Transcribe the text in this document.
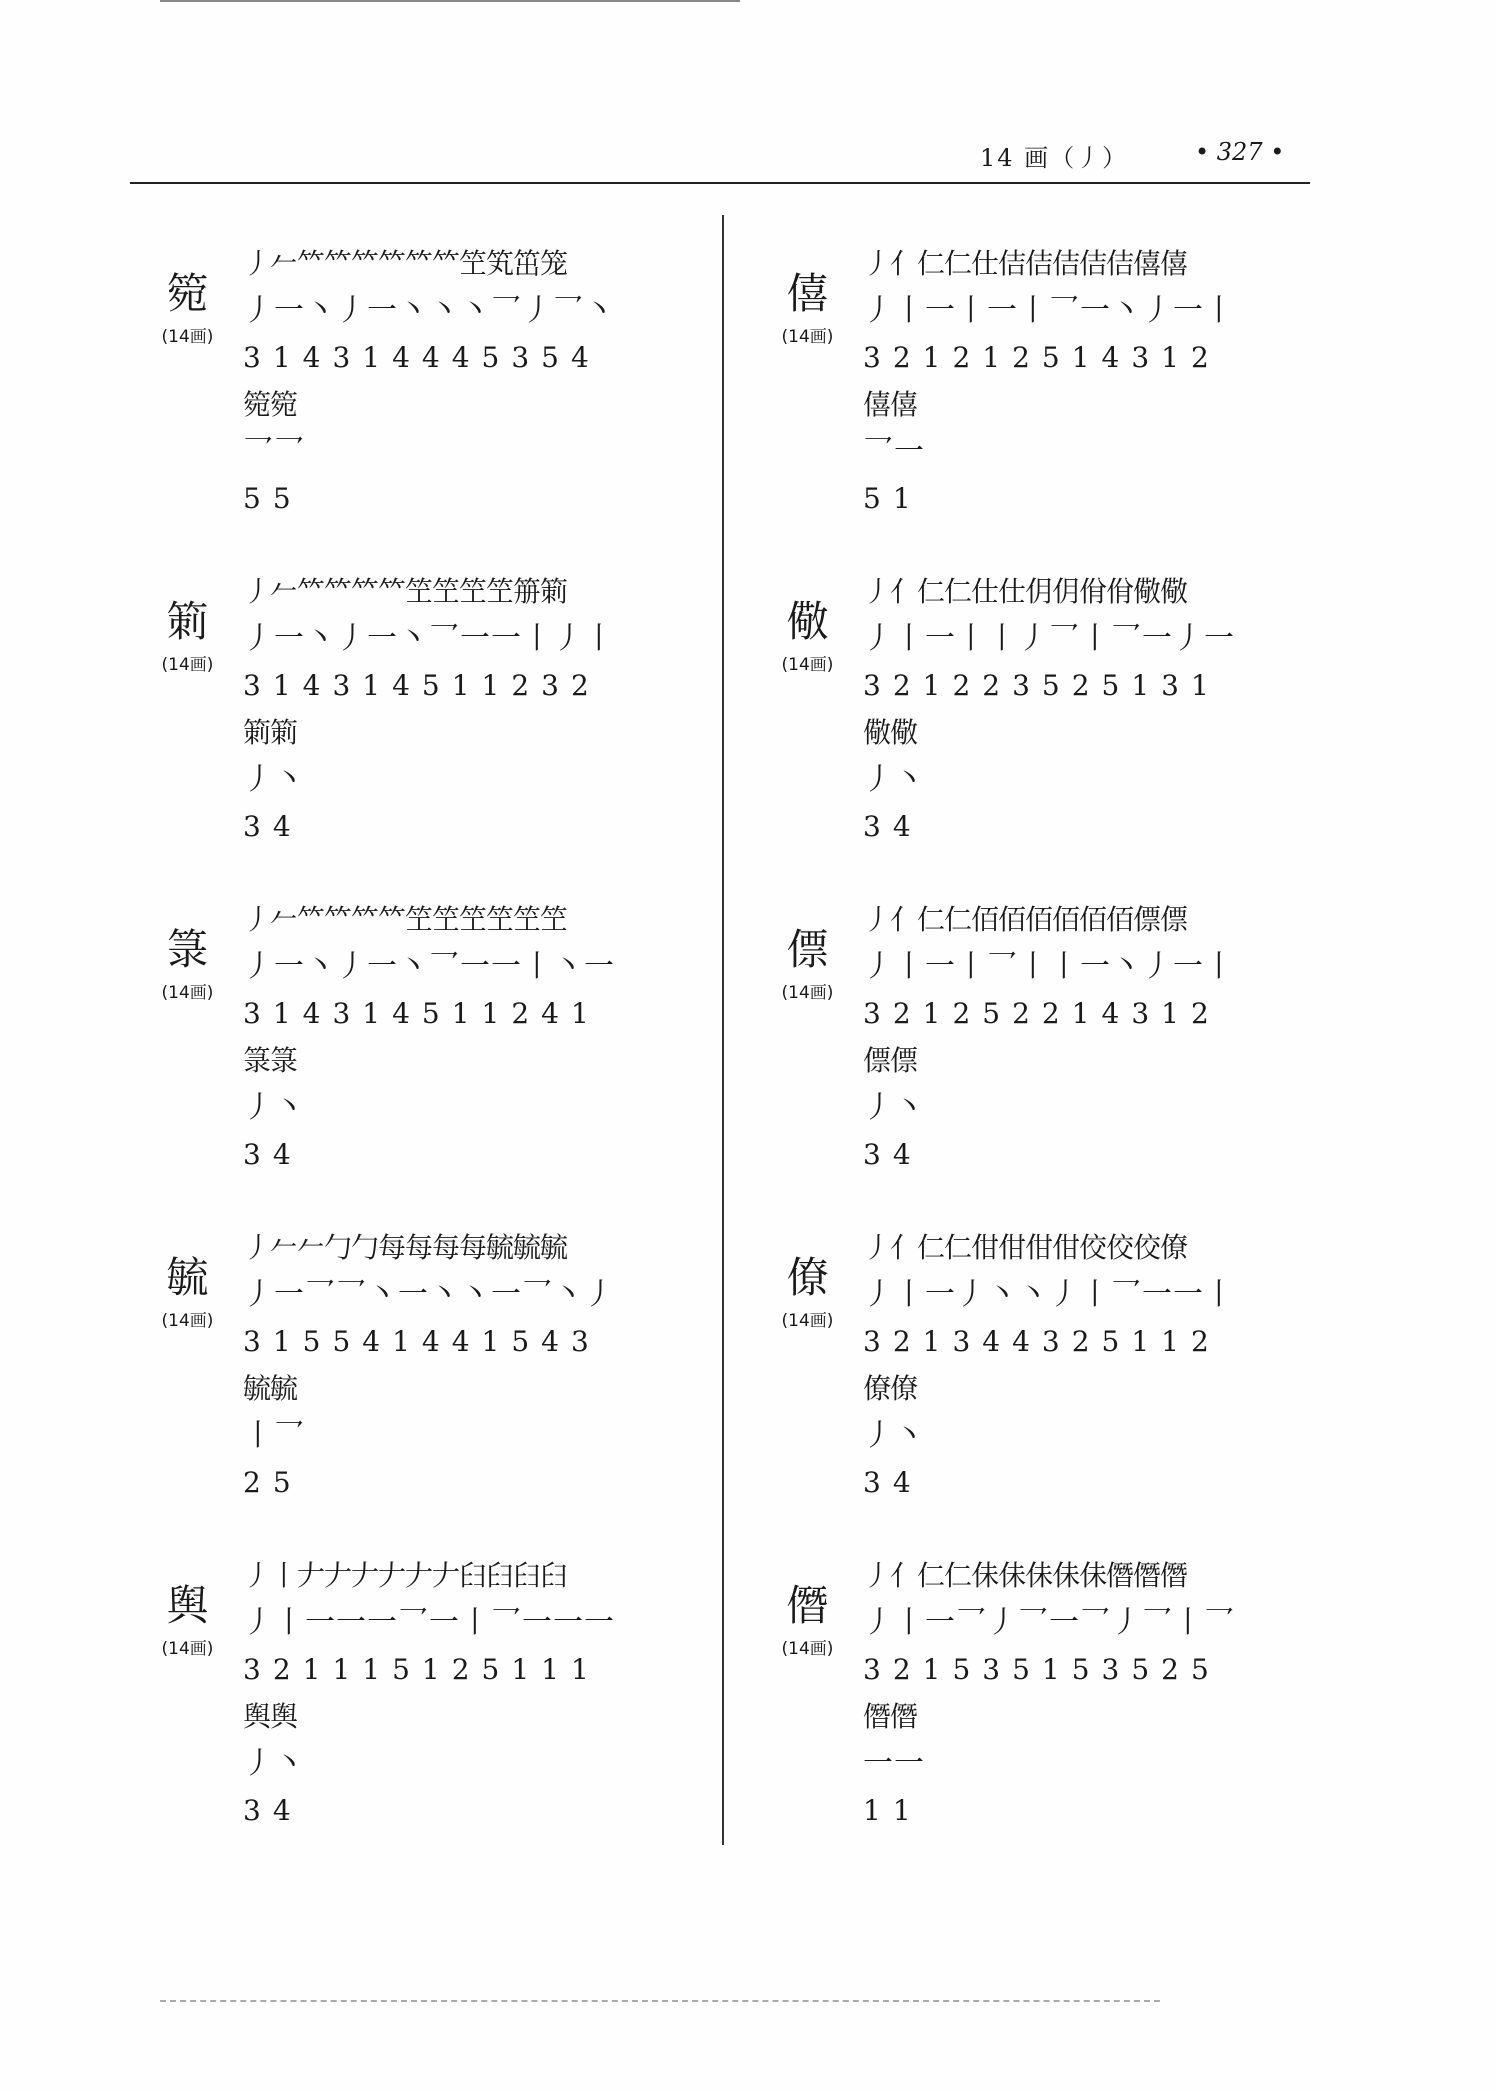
14 画（丿）	• 327 •
箢
(14画)
丿𠂉𥫗𥫗𥫗𥫗𥫗𥫗笁笂笜笼
丿一丶丿一丶丶丶乛丿乛丶
314314445354
箢箢
乛乛
55
箣
(14画)
丿𠂉𥫗𥫗𥫗𥫗笁笁笁笁笧箣
丿一丶丿一丶乛一一丨丿丨
314314511232
箣箣
丿丶
34
箓
(14画)
丿𠂉𥫗𥫗𥫗𥫗笁笁笁笁笁笁
丿一丶丿一丶乛一一丨丶一
314314511241
箓箓
丿丶
34
毓
(14画)
丿𠂉𠂉勹勹每每每每毓毓毓
丿一乛乛丶一丶丶一乛丶丿
315541441543
毓毓
丨乛
25
舆
(14画)
丿丨𠂇𠂇𠂇𠂇𠂇𠂇𦥑𦥑𦥑𦥑
丿丨一一一乛一丨乛一一一
321115125111
舆舆
丿丶
34
僖
(14画)
丿亻仁仁仕佶佶佶佶佶僖僖
丿丨一丨一丨乛一丶丿一丨
321212514312
僖僖
乛一
51
儆
(14画)
丿亻仁仁仕仕仴仴佾佾儆儆
丿丨一丨丨丿乛丨乛一丿一
321223525131
儆儆
丿丶
34
僄
(14画)
丿亻仁仁佰佰佰佰佰佰僄僄
丿丨一丨乛丨丨一丶丿一丨
321252214312
僄僄
丿丶
34
僚
(14画)
丿亻仁仁佄佄佄佄佼佼佼僚
丿丨一丿丶丶丿丨乛一一丨
321344325112
僚僚
丿丶
34
僭
(14画)
丿亻仁仁佅佅佅佅佅僭僭僭
丿丨一乛丿乛一乛丿乛丨乛
321535153525
僭僭
一一
11
